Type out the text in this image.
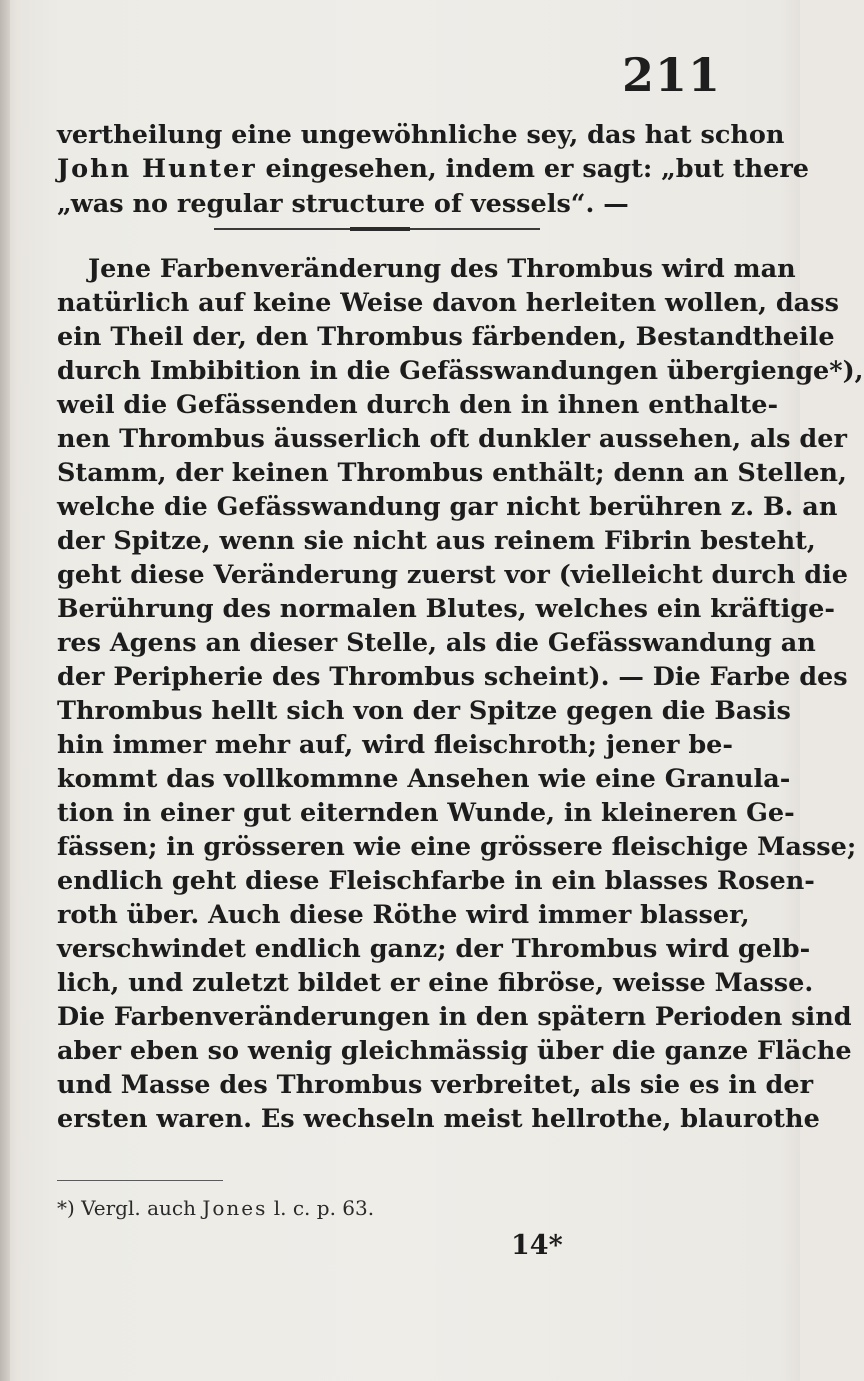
211
vertheilung eine ungewöhnliche sey, das hat schon
John Hunter eingesehen, indem er sagt: „but there
„was no regular structure of vessels“. —
Jene Farbenveränderung des Thrombus wird man
natürlich auf keine Weise davon herleiten wollen, dass
ein Theil der, den Thrombus färbenden, Bestandtheile
durch Imbibition in die Gefässwandungen übergienge*),
weil die Gefässenden durch den in ihnen enthalte-
nen Thrombus äusserlich oft dunkler aussehen, als der
Stamm, der keinen Thrombus enthält; denn an Stellen,
welche die Gefässwandung gar nicht berühren z. B. an
der Spitze, wenn sie nicht aus reinem Fibrin besteht,
geht diese Veränderung zuerst vor (vielleicht durch die
Berührung des normalen Blutes, welches ein kräftige-
res Agens an dieser Stelle, als die Gefässwandung an
der Peripherie des Thrombus scheint). — Die Farbe des
Thrombus hellt sich von der Spitze gegen die Basis
hin immer mehr auf, wird fleischroth; jener be-
kommt das vollkommne Ansehen wie eine Granula-
tion in einer gut eiternden Wunde, in kleineren Ge-
fässen; in grösseren wie eine grössere fleischige Masse;
endlich geht diese Fleischfarbe in ein blasses Rosen-
roth über. Auch diese Röthe wird immer blasser,
verschwindet endlich ganz; der Thrombus wird gelb-
lich, und zuletzt bildet er eine fibröse, weisse Masse.
Die Farbenveränderungen in den spätern Perioden sind
aber eben so wenig gleichmässig über die ganze Fläche
und Masse des Thrombus verbreitet, als sie es in der
ersten waren. Es wechseln meist hellrothe, blaurothe
*) Vergl. auch Jones l. c. p. 63.
14*
